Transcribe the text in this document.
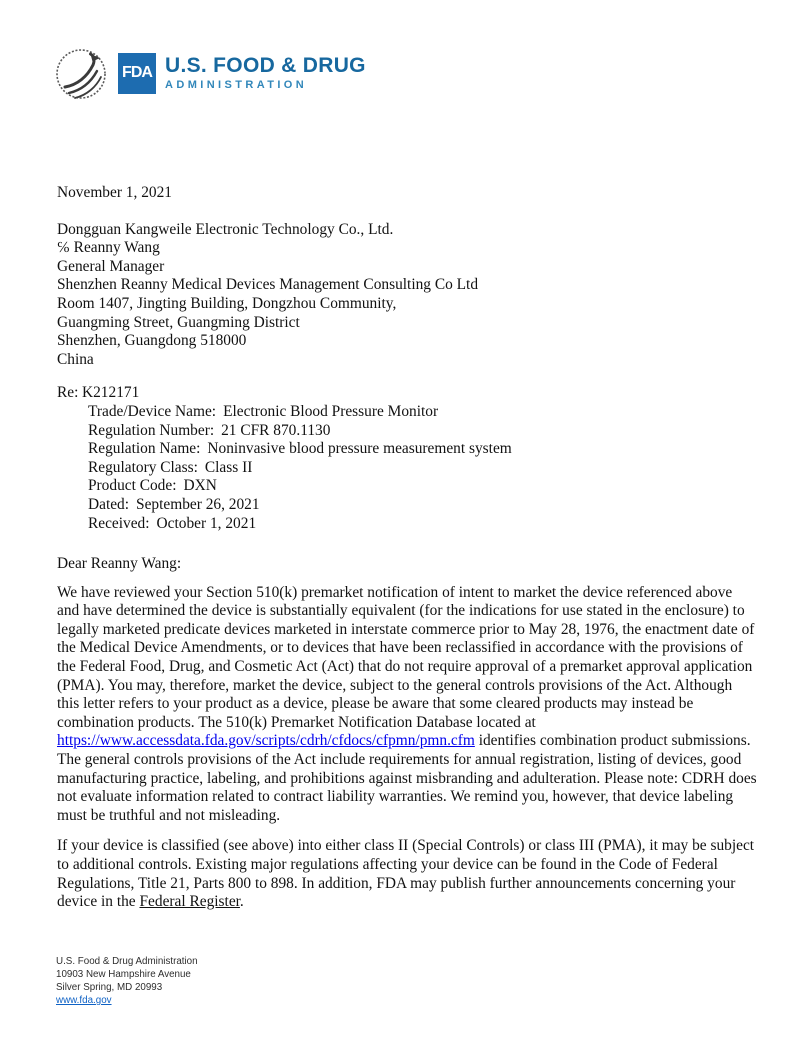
FDA U.S. FOOD & DRUG
ADMINISTRATION
November 1, 2021
Dongguan Kangweile Electronic Technology Co., Ltd.
℅ Reanny Wang
General Manager
Shenzhen Reanny Medical Devices Management Consulting Co Ltd
Room 1407, Jingting Building, Dongzhou Community,
Guangming Street, Guangming District
Shenzhen, Guangdong 518000
China
Re: K212171
Trade/Device Name: Electronic Blood Pressure Monitor
Regulation Number: 21 CFR 870.1130
Regulation Name: Noninvasive blood pressure measurement system
Regulatory Class: Class II
Product Code: DXN
Dated: September 26, 2021
Received: October 1, 2021
Dear Reanny Wang:
We have reviewed your Section 510(k) premarket notification of intent to market the device referenced above and have determined the device is substantially equivalent (for the indications for use stated in the enclosure) to legally marketed predicate devices marketed in interstate commerce prior to May 28, 1976, the enactment date of the Medical Device Amendments, or to devices that have been reclassified in accordance with the provisions of the Federal Food, Drug, and Cosmetic Act (Act) that do not require approval of a premarket approval application (PMA). You may, therefore, market the device, subject to the general controls provisions of the Act. Although this letter refers to your product as a device, please be aware that some cleared products may instead be combination products. The 510(k) Premarket Notification Database located at https://www.accessdata.fda.gov/scripts/cdrh/cfdocs/cfpmn/pmn.cfm identifies combination product submissions. The general controls provisions of the Act include requirements for annual registration, listing of devices, good manufacturing practice, labeling, and prohibitions against misbranding and adulteration. Please note: CDRH does not evaluate information related to contract liability warranties. We remind you, however, that device labeling must be truthful and not misleading.
If your device is classified (see above) into either class II (Special Controls) or class III (PMA), it may be subject to additional controls. Existing major regulations affecting your device can be found in the Code of Federal Regulations, Title 21, Parts 800 to 898. In addition, FDA may publish further announcements concerning your device in the Federal Register.
U.S. Food & Drug Administration
10903 New Hampshire Avenue
Silver Spring, MD 20993
www.fda.gov
